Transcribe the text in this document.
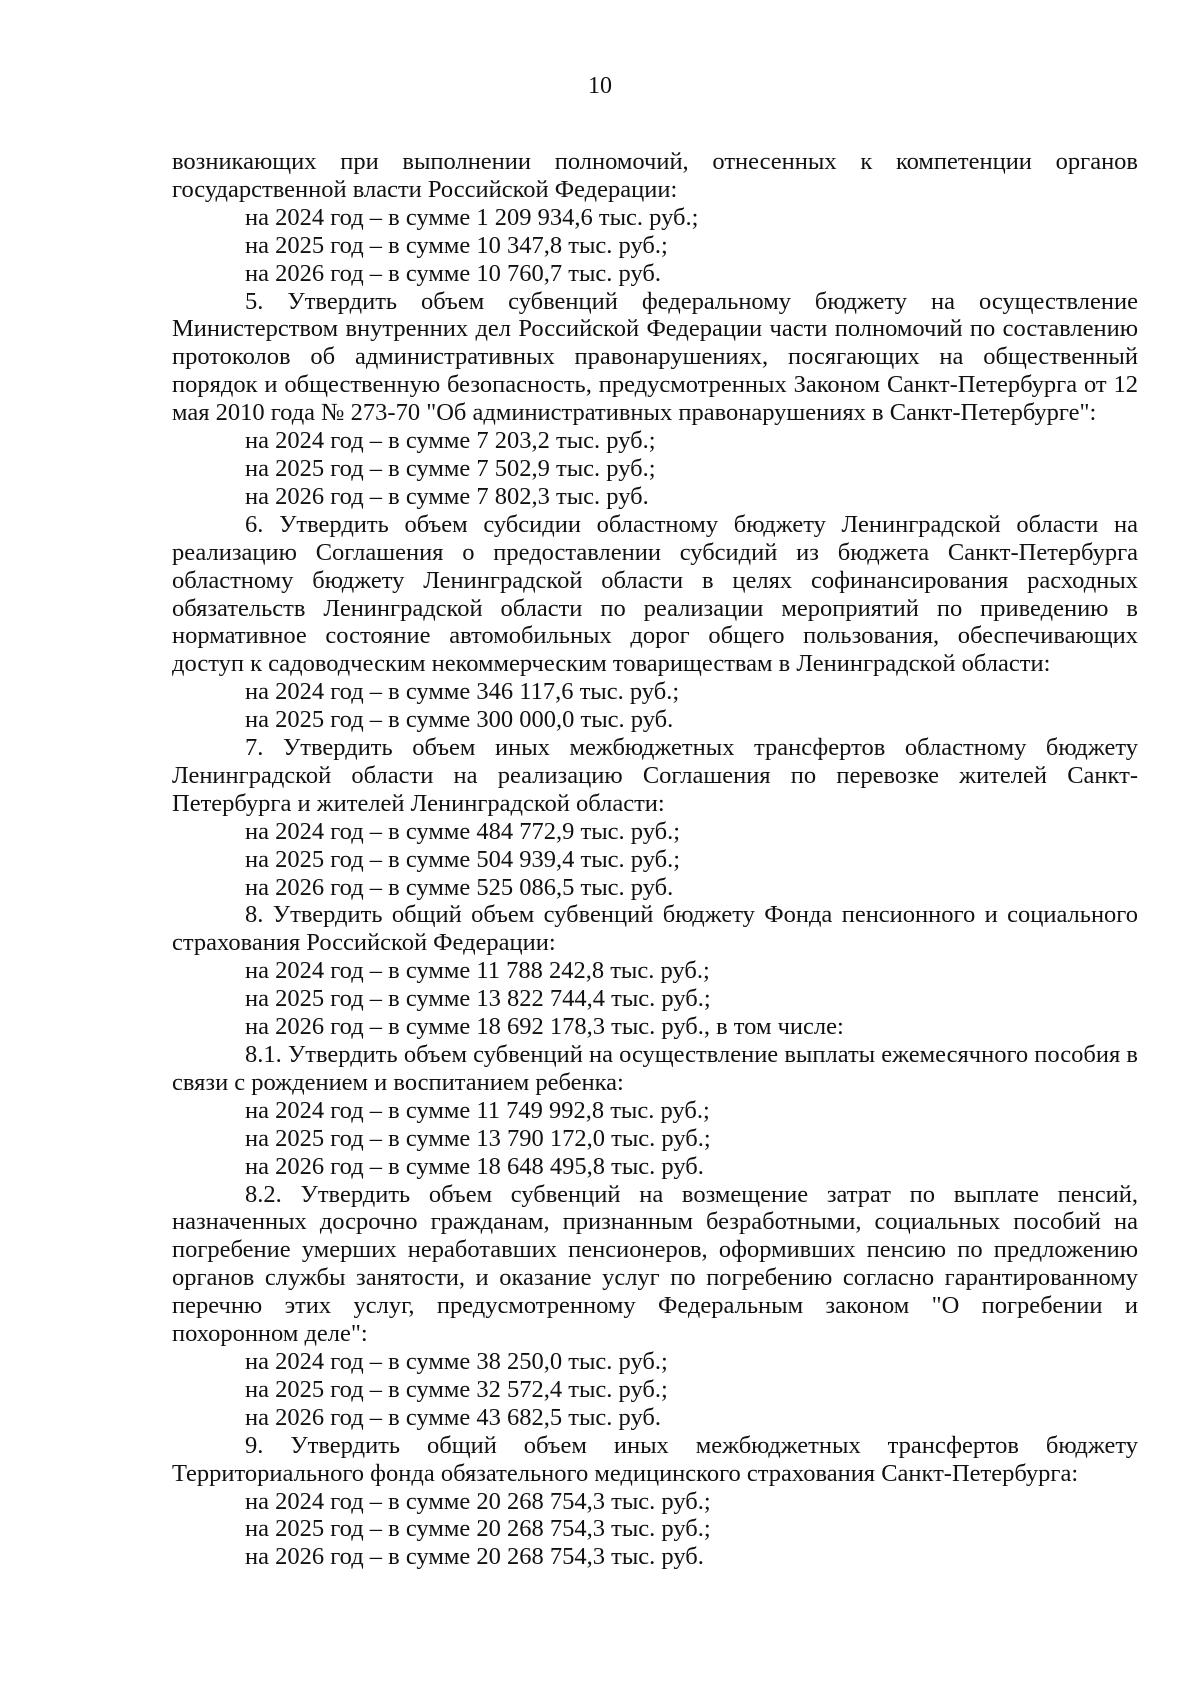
10

возникающих при выполнении полномочий, отнесенных к компетенции органов государственной власти Российской Федерации:

на 2024 год – в сумме 1 209 934,6 тыс. руб.;

на 2025 год – в сумме 10 347,8 тыс. руб.;

на 2026 год – в сумме 10 760,7 тыс. руб.

5. Утвердить объем субвенций федеральному бюджету на осуществление Министерством внутренних дел Российской Федерации части полномочий по составлению протоколов об административных правонарушениях, посягающих на общественный порядок и общественную безопасность, предусмотренных Законом Санкт-Петербурга от 12 мая 2010 года № 273-70 "Об административных правонарушениях в Санкт-Петербурге":

на 2024 год – в сумме 7 203,2 тыс. руб.;

на 2025 год – в сумме 7 502,9 тыс. руб.;

на 2026 год – в сумме 7 802,3 тыс. руб.

6. Утвердить объем субсидии областному бюджету Ленинградской области на реализацию Соглашения о предоставлении субсидий из бюджета Санкт-Петербурга областному бюджету Ленинградской области в целях софинансирования расходных обязательств Ленинградской области по реализации мероприятий по приведению в нормативное состояние автомобильных дорог общего пользования, обеспечивающих доступ к садоводческим некоммерческим товариществам в Ленинградской области:

на 2024 год – в сумме 346 117,6 тыс. руб.;

на 2025 год – в сумме 300 000,0 тыс. руб.

7. Утвердить объем иных межбюджетных трансфертов областному бюджету Ленинградской области на реализацию Соглашения по перевозке жителей Санкт-Петербурга и жителей Ленинградской области:

на 2024 год – в сумме 484 772,9 тыс. руб.;

на 2025 год – в сумме 504 939,4 тыс. руб.;

на 2026 год – в сумме 525 086,5 тыс. руб.

8. Утвердить общий объем субвенций бюджету Фонда пенсионного и социального страхования Российской Федерации:

на 2024 год – в сумме 11 788 242,8 тыс. руб.;

на 2025 год – в сумме 13 822 744,4 тыс. руб.;

на 2026 год – в сумме 18 692 178,3 тыс. руб., в том числе:

8.1. Утвердить объем субвенций на осуществление выплаты ежемесячного пособия в связи с рождением и воспитанием ребенка:

на 2024 год – в сумме 11 749 992,8 тыс. руб.;

на 2025 год – в сумме 13 790 172,0 тыс. руб.;

на 2026 год – в сумме 18 648 495,8 тыс. руб.

8.2. Утвердить объем субвенций на возмещение затрат по выплате пенсий, назначенных досрочно гражданам, признанным безработными, социальных пособий на погребение умерших неработавших пенсионеров, оформивших пенсию по предложению органов службы занятости, и оказание услуг по погребению согласно гарантированному перечню этих услуг, предусмотренному Федеральным законом "О погребении и похоронном деле":

на 2024 год – в сумме 38 250,0 тыс. руб.;

на 2025 год – в сумме 32 572,4 тыс. руб.;

на 2026 год – в сумме 43 682,5 тыс. руб.

9. Утвердить общий объем иных межбюджетных трансфертов бюджету Территориального фонда обязательного медицинского страхования Санкт-Петербурга:

на 2024 год – в сумме 20 268 754,3 тыс. руб.;

на 2025 год – в сумме 20 268 754,3 тыс. руб.;

на 2026 год – в сумме 20 268 754,3 тыс. руб.
